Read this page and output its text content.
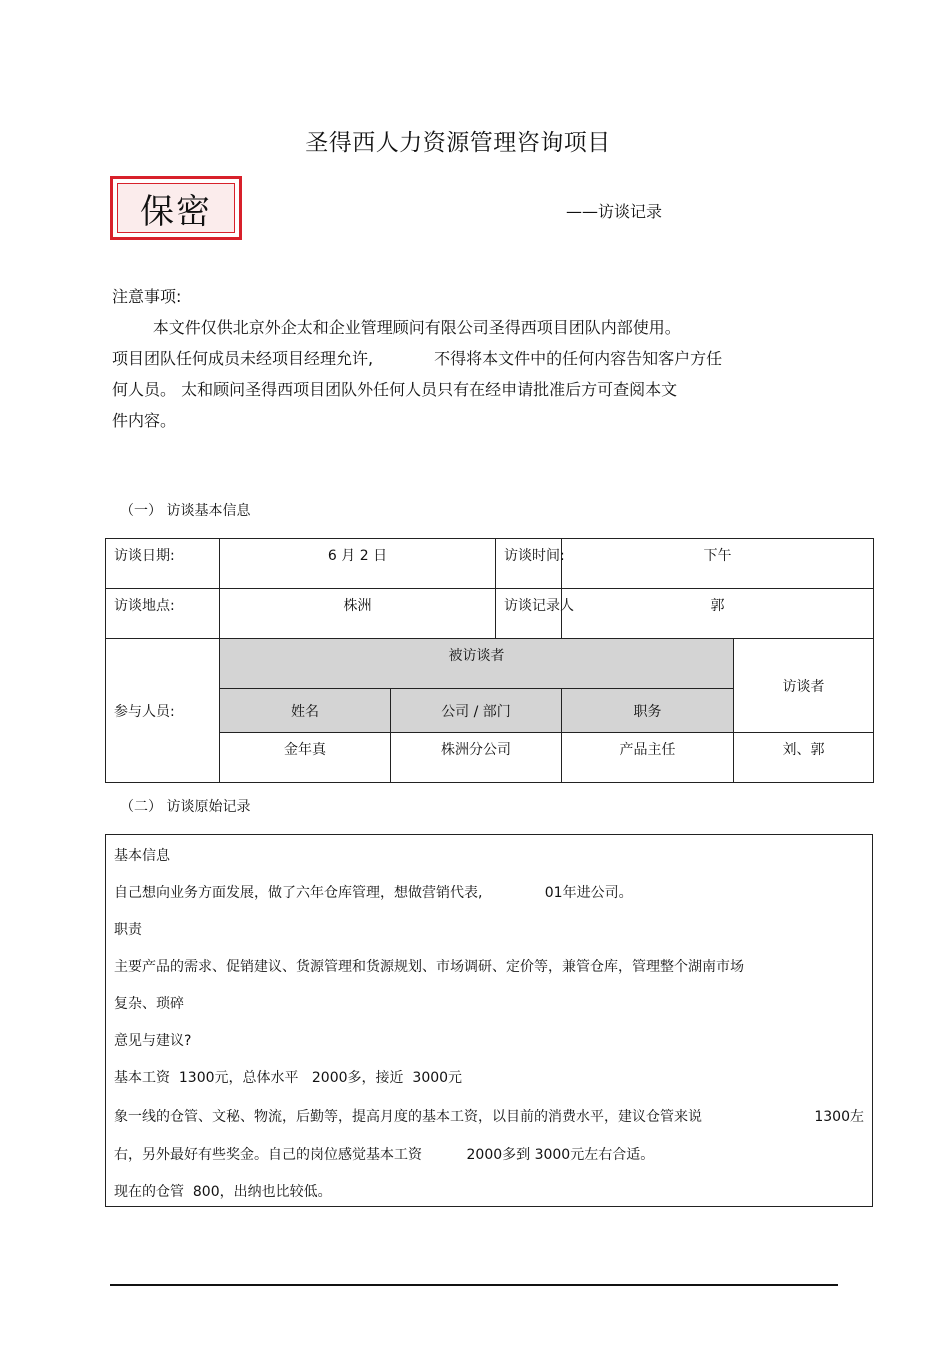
圣得西人力资源管理咨询项目
保密	——访谈记录
注意事项:
本文件仅供北京外企太和企业管理顾问有限公司圣得西项目团队内部使用。
项目团队任何成员未经项目经理允许,            不得将本文件中的任何内容告知客户方任
何人员。 太和顾问圣得西项目团队外任何人员只有在经申请批准后方可查阅本文
件内容。
（一） 访谈基本信息
访谈日期:	6 月 2 日		访谈时间:	下午	
访谈地点:	株洲		访谈记录人	郭	
参与人员:	被访谈者				访谈者
	姓名	公司 / 部门		职务	
	金年真	株洲分公司		产品主任	刘、郭
（二） 访谈原始记录
基本信息
自己想向业务方面发展，做了六年仓库管理，想做营销代表,              01年进公司。
职责
主要产品的需求、促销建议、货源管理和货源规划、市场调研、定价等，兼管仓库，管理整个湖南市场
复杂、琐碎
意见与建议?
基本工资  1300元，总体水平   2000多，接近  3000元
象一线的仓管、文秘、物流，后勤等，提高月度的基本工资，以目前的消费水平，建议仓管来说	1300左
右，另外最好有些奖金。自己的岗位感觉基本工资          2000多到 3000元左右合适。
现在的仓管  800，出纳也比较低。
